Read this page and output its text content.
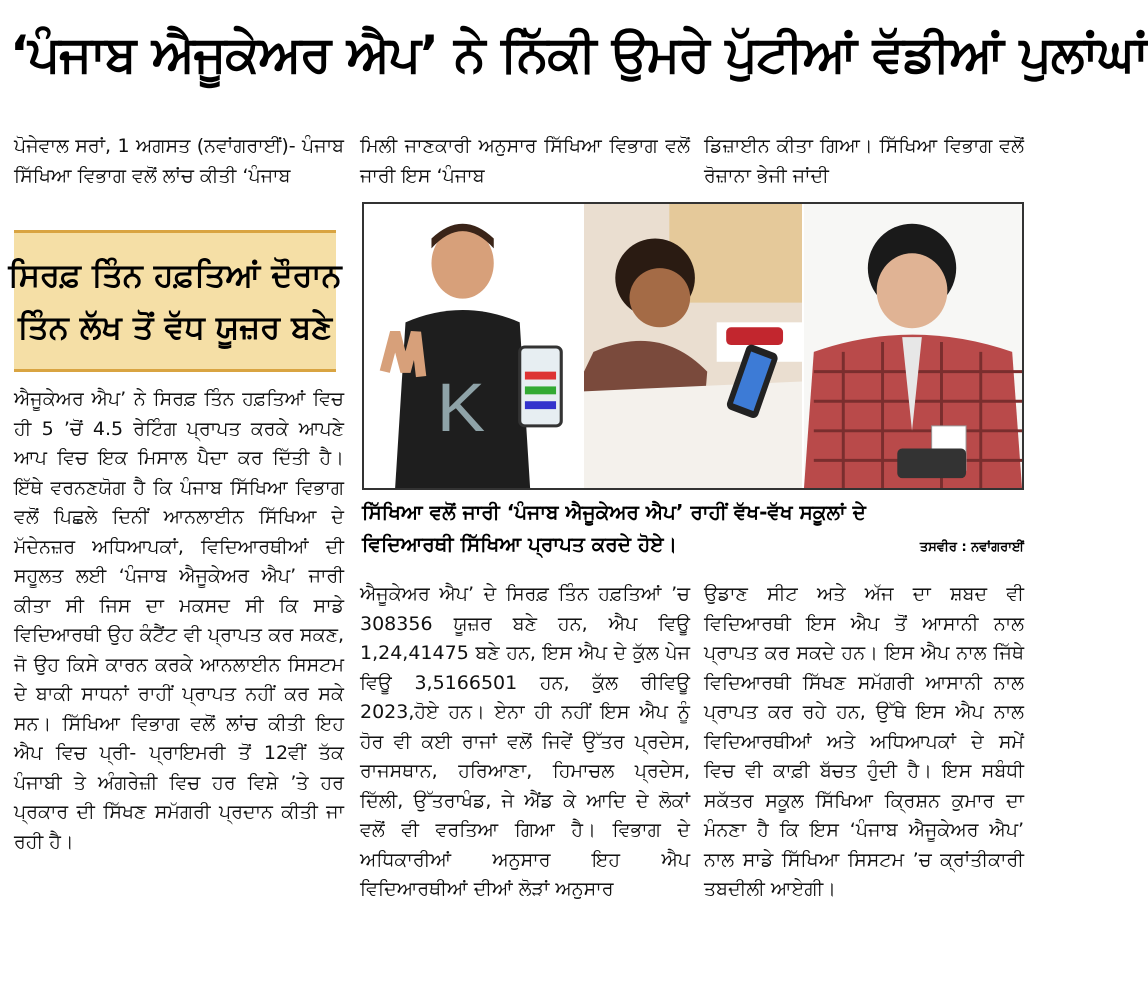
‘ਪੰਜਾਬ ਐਜੂਕੇਅਰ ਐਪ’ ਨੇ ਨਿੱਕੀ ਉਮਰੇ ਪੁੱਟੀਆਂ ਵੱਡੀਆਂ ਪੁਲਾਂਘਾਂ

ਪੋਜੇਵਾਲ ਸਰਾਂ, 1 ਅਗਸਤ (ਨਵਾਂਗਰਾਈਂ)- ਪੰਜਾਬ ਸਿੱਖਿਆ ਵਿਭਾਗ ਵਲੋਂ ਲਾਂਚ ਕੀਤੀ ‘ਪੰਜਾਬ

ਸਿਰਫ਼ ਤਿੰਨ ਹਫ਼ਤਿਆਂ ਦੌਰਾਨ
ਤਿੰਨ ਲੱਖ ਤੋਂ ਵੱਧ ਯੂਜ਼ਰ ਬਣੇ

ਐਜੂਕੇਅਰ ਐਪ’ ਨੇ ਸਿਰਫ਼ ਤਿੰਨ ਹਫ਼ਤਿਆਂ ਵਿਚ ਹੀ 5 ’ਚੋਂ 4.5 ਰੇਟਿੰਗ ਪ੍ਰਾਪਤ ਕਰਕੇ ਆਪਣੇ ਆਪ ਵਿਚ ਇਕ ਮਿਸਾਲ ਪੈਦਾ ਕਰ ਦਿੱਤੀ ਹੈ। ਇੱਥੇ ਵਰਨਣਯੋਗ ਹੈ ਕਿ ਪੰਜਾਬ ਸਿੱਖਿਆ ਵਿਭਾਗ ਵਲੋਂ ਪਿਛਲੇ ਦਿਨੀਂ ਆਨਲਾਈਨ ਸਿੱਖਿਆ ਦੇ ਮੱਦੇਨਜ਼ਰ ਅਧਿਆਪਕਾਂ, ਵਿਦਿਆਰਥੀਆਂ ਦੀ ਸਹੂਲਤ ਲਈ ‘ਪੰਜਾਬ ਐਜੂਕੇਅਰ ਐਪ’ ਜਾਰੀ ਕੀਤਾ ਸੀ ਜਿਸ ਦਾ ਮਕਸਦ ਸੀ ਕਿ ਸਾਡੇ ਵਿਦਿਆਰਥੀ ਉਹ ਕੰਟੈਂਟ ਵੀ ਪ੍ਰਾਪਤ ਕਰ ਸਕਣ, ਜੋ ਉਹ ਕਿਸੇ ਕਾਰਨ ਕਰਕੇ ਆਨਲਾਈਨ ਸਿਸਟਮ ਦੇ ਬਾਕੀ ਸਾਧਨਾਂ ਰਾਹੀਂ ਪ੍ਰਾਪਤ ਨਹੀਂ ਕਰ ਸਕੇ ਸਨ। ਸਿੱਖਿਆ ਵਿਭਾਗ ਵਲੋਂ ਲਾਂਚ ਕੀਤੀ ਇਹ ਐਪ ਵਿਚ ਪ੍ਰੀ- ਪ੍ਰਾਇਮਰੀ ਤੋਂ 12ਵੀਂ ਤੱਕ ਪੰਜਾਬੀ ਤੇ ਅੰਗਰੇਜ਼ੀ ਵਿਚ ਹਰ ਵਿਸ਼ੇ ’ਤੇ ਹਰ ਪ੍ਰਕਾਰ ਦੀ ਸਿੱਖਣ ਸਮੱਗਰੀ ਪ੍ਰਦਾਨ ਕੀਤੀ ਜਾ ਰਹੀ ਹੈ।

ਮਿਲੀ ਜਾਣਕਾਰੀ ਅਨੁਸਾਰ ਸਿੱਖਿਆ ਵਿਭਾਗ ਵਲੋਂ ਜਾਰੀ ਇਸ ‘ਪੰਜਾਬ

ਡਿਜ਼ਾਈਨ ਕੀਤਾ ਗਿਆ। ਸਿੱਖਿਆ ਵਿਭਾਗ ਵਲੋਂ ਰੋਜ਼ਾਨਾ ਭੇਜੀ ਜਾਂਦੀ

K
ਸਿੱਖਿਆ ਵਲੋਂ ਜਾਰੀ ‘ਪੰਜਾਬ ਐਜੂਕੇਅਰ ਐਪ’ ਰਾਹੀਂ ਵੱਖ-ਵੱਖ ਸਕੂਲਾਂ ਦੇ
ਵਿਦਿਆਰਥੀ ਸਿੱਖਿਆ ਪ੍ਰਾਪਤ ਕਰਦੇ ਹੋਏ।	ਤਸਵੀਰ : ਨਵਾਂਗਰਾਈਂ

ਐਜੂਕੇਅਰ ਐਪ’ ਦੇ ਸਿਰਫ਼ ਤਿੰਨ ਹਫ਼ਤਿਆਂ ’ਚ 308356 ਯੂਜ਼ਰ ਬਣੇ ਹਨ, ਐਪ ਵਿਊ 1,24,41475 ਬਣੇ ਹਨ, ਇਸ ਐਪ ਦੇ ਕੁੱਲ ਪੇਜ ਵਿਊ 3,5166501 ਹਨ, ਕੁੱਲ ਰੀਵਿਊ 2023,ਹੋਏ ਹਨ। ਏਨਾ ਹੀ ਨਹੀਂ ਇਸ ਐਪ ਨੂੰ ਹੋਰ ਵੀ ਕਈ ਰਾਜਾਂ ਵਲੋਂ ਜਿਵੇਂ ਉੱਤਰ ਪ੍ਰਦੇਸ, ਰਾਜਸਥਾਨ, ਹਰਿਆਣਾ, ਹਿਮਾਚਲ ਪ੍ਰਦੇਸ, ਦਿੱਲੀ, ਉੱਤਰਾਖੰਡ, ਜੇ ਐਂਡ ਕੇ ਆਦਿ ਦੇ ਲੋਕਾਂ ਵਲੋਂ ਵੀ ਵਰਤਿਆ ਗਿਆ ਹੈ। ਵਿਭਾਗ ਦੇ ਅਧਿਕਾਰੀਆਂ ਅਨੁਸਾਰ ਇਹ ਐਪ ਵਿਦਿਆਰਥੀਆਂ ਦੀਆਂ ਲੋੜਾਂ ਅਨੁਸਾਰ

ਉਡਾਣ ਸੀਟ ਅਤੇ ਅੱਜ ਦਾ ਸ਼ਬਦ ਵੀ ਵਿਦਿਆਰਥੀ ਇਸ ਐਪ ਤੋਂ ਆਸਾਨੀ ਨਾਲ ਪ੍ਰਾਪਤ ਕਰ ਸਕਦੇ ਹਨ। ਇਸ ਐਪ ਨਾਲ ਜਿੱਥੇ ਵਿਦਿਆਰਥੀ ਸਿੱਖਣ ਸਮੱਗਰੀ ਆਸਾਨੀ ਨਾਲ ਪ੍ਰਾਪਤ ਕਰ ਰਹੇ ਹਨ, ਉੱਥੇ ਇਸ ਐਪ ਨਾਲ ਵਿਦਿਆਰਥੀਆਂ ਅਤੇ ਅਧਿਆਪਕਾਂ ਦੇ ਸਮੇਂ ਵਿਚ ਵੀ ਕਾਫ਼ੀ ਬੱਚਤ ਹੁੰਦੀ ਹੈ। ਇਸ ਸਬੰਧੀ ਸਕੱਤਰ ਸਕੂਲ ਸਿੱਖਿਆ ਕ੍ਰਿਸ਼ਨ ਕੁਮਾਰ ਦਾ ਮੰਨਣਾ ਹੈ ਕਿ ਇਸ ‘ਪੰਜਾਬ ਐਜੂਕੇਅਰ ਐਪ’ ਨਾਲ ਸਾਡੇ ਸਿੱਖਿਆ ਸਿਸਟਮ ’ਚ ਕ੍ਰਾਂਤੀਕਾਰੀ ਤਬਦੀਲੀ ਆਏਗੀ।
